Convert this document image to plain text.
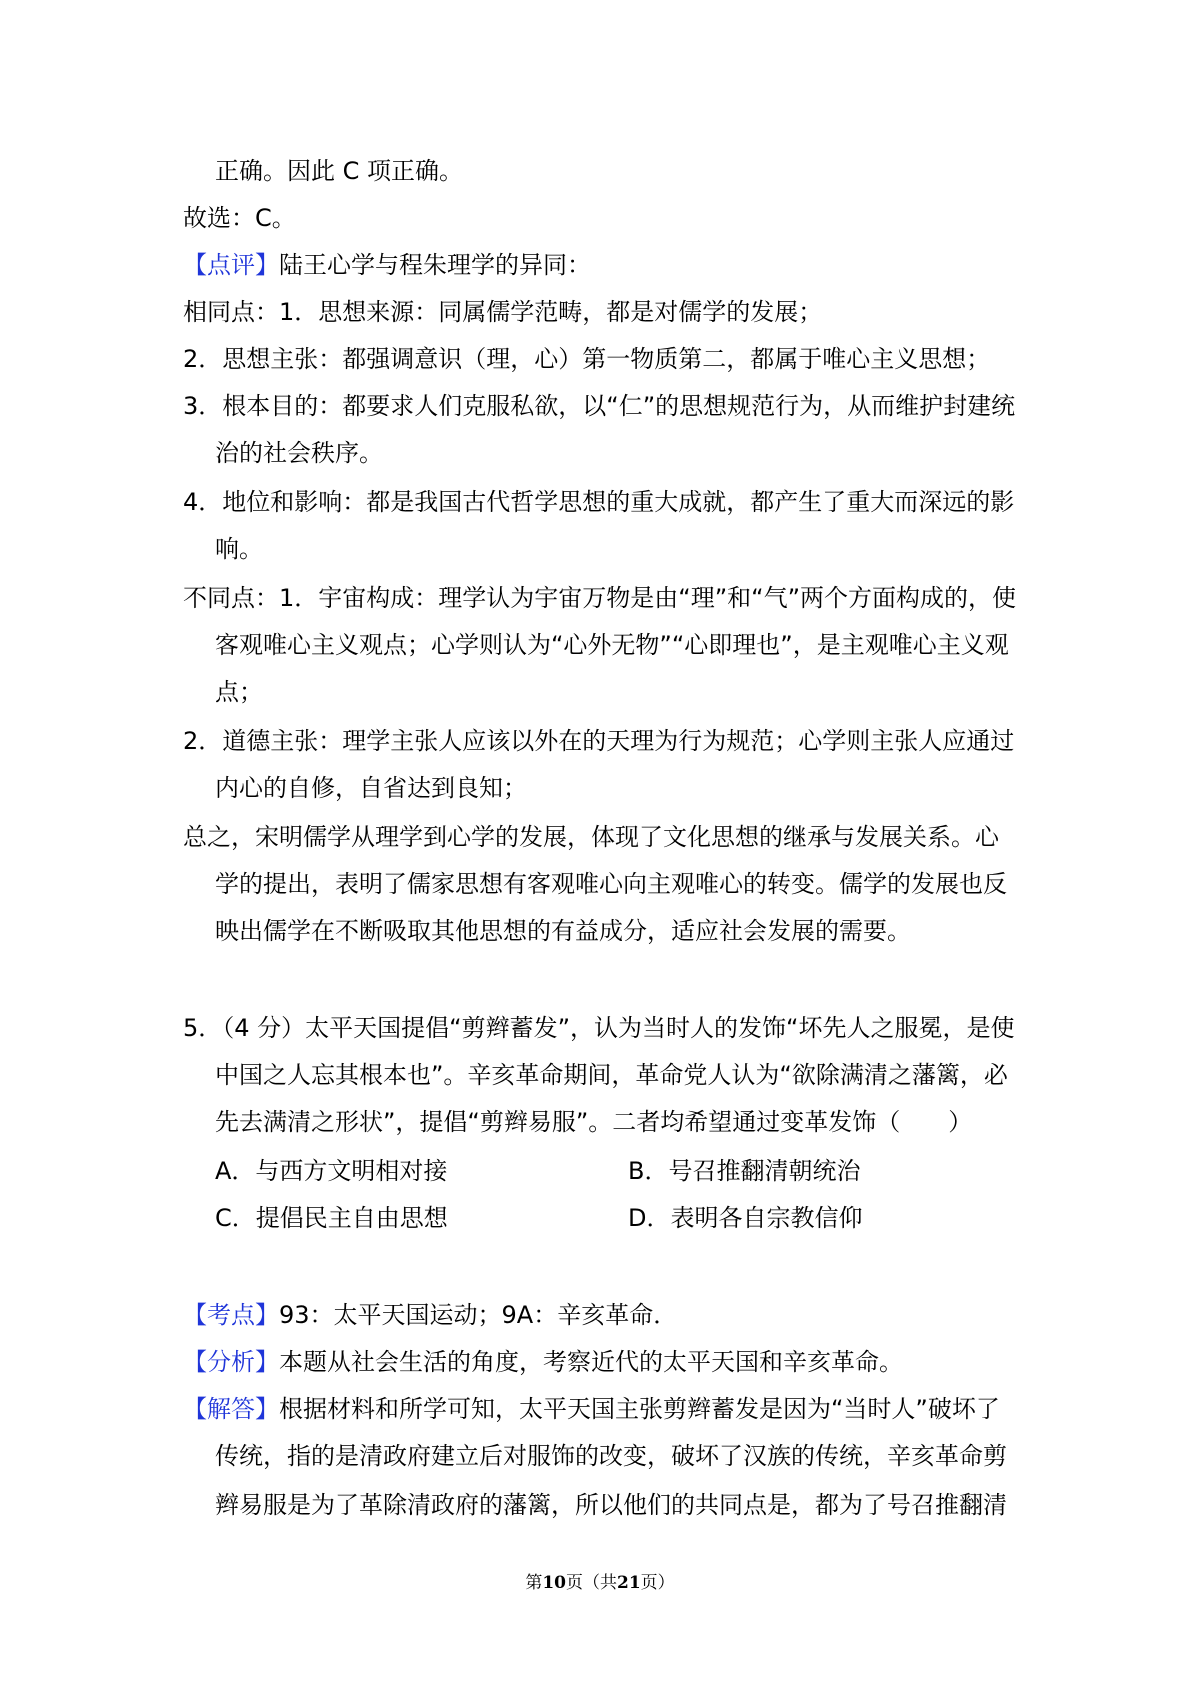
正确。因此 C 项正确。
故选：C。
【点评】陆王心学与程朱理学的异同：
相同点：1．思想来源：同属儒学范畴，都是对儒学的发展；
2．思想主张：都强调意识（理，心）第一物质第二，都属于唯心主义思想；
3．根本目的：都要求人们克服私欲，以“仁”的思想规范行为，从而维护封建统
治的社会秩序。
4．地位和影响：都是我国古代哲学思想的重大成就，都产生了重大而深远的影
响。
不同点：1．宇宙构成：理学认为宇宙万物是由“理”和“气”两个方面构成的，使
客观唯心主义观点；心学则认为“心外无物”“心即理也”，是主观唯心主义观
点；
2．道德主张：理学主张人应该以外在的天理为行为规范；心学则主张人应通过
内心的自修，自省达到良知；
总之，宋明儒学从理学到心学的发展，体现了文化思想的继承与发展关系。心
学的提出，表明了儒家思想有客观唯心向主观唯心的转变。儒学的发展也反
映出儒学在不断吸取其他思想的有益成分，适应社会发展的需要。
5．（4 分）太平天国提倡“剪辫蓄发”，认为当时人的发饰“坏先人之服冕，是使
中国之人忘其根本也”。辛亥革命期间，革命党人认为“欲除满清之藩篱，必
先去满清之形状”，提倡“剪辫易服”。二者均希望通过变革发饰（　　）
A．与西方文明相对接	B．号召推翻清朝统治
C．提倡民主自由思想	D．表明各自宗教信仰
【考点】93：太平天国运动；9A：辛亥革命．
【分析】本题从社会生活的角度，考察近代的太平天国和辛亥革命。
【解答】根据材料和所学可知，太平天国主张剪辫蓄发是因为“当时人”破坏了
传统，指的是清政府建立后对服饰的改变，破坏了汉族的传统，辛亥革命剪
辫易服是为了革除清政府的藩篱，所以他们的共同点是，都为了号召推翻清
第10页（共21页）
